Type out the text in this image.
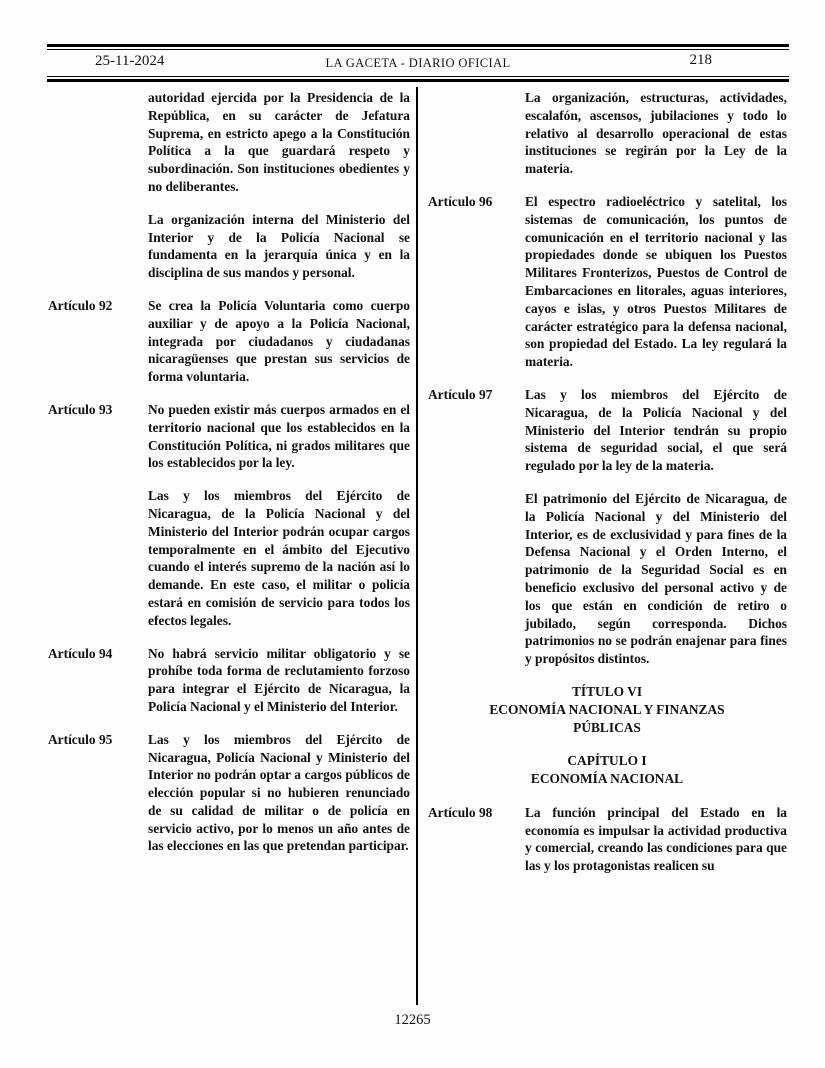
25-11-2024	LA GACETA - DIARIO OFICIAL	218
autoridad ejercida por la Presidencia de la República, en su carácter de Jefatura Suprema, en estricto apego a la Constitución Política a la que guardará respeto y subordinación. Son instituciones obedientes y no deliberantes.
La organización interna del Ministerio del Interior y de la Policía Nacional se fundamenta en la jerarquía única y en la disciplina de sus mandos y personal.
Artículo 92	Se crea la Policía Voluntaria como cuerpo auxiliar y de apoyo a la Policía Nacional, integrada por ciudadanos y ciudadanas nicaragüenses que prestan sus servicios de forma voluntaria.
Artículo 93	No pueden existir más cuerpos armados en el territorio nacional que los establecidos en la Constitución Política, ni grados militares que los establecidos por la ley.
Las y los miembros del Ejército de Nicaragua, de la Policía Nacional y del Ministerio del Interior podrán ocupar cargos temporalmente en el ámbito del Ejecutivo cuando el interés supremo de la nación así lo demande. En este caso, el militar o policía estará en comisión de servicio para todos los efectos legales.
Artículo 94	No habrá servicio militar obligatorio y se prohíbe toda forma de reclutamiento forzoso para integrar el Ejército de Nicaragua, la Policía Nacional y el Ministerio del Interior.
Artículo 95	Las y los miembros del Ejército de Nicaragua, Policía Nacional y Ministerio del Interior no podrán optar a cargos públicos de elección popular si no hubieren renunciado de su calidad de militar o de policía en servicio activo, por lo menos un año antes de las elecciones en las que pretendan participar.
La organización, estructuras, actividades, escalafón, ascensos, jubilaciones y todo lo relativo al desarrollo operacional de estas instituciones se regirán por la Ley de la materia.
Artículo 96	El espectro radioeléctrico y satelital, los sistemas de comunicación, los puntos de comunicación en el territorio nacional y las propiedades donde se ubiquen los Puestos Militares Fronterizos, Puestos de Control de Embarcaciones en litorales, aguas interiores, cayos e islas, y otros Puestos Militares de carácter estratégico para la defensa nacional, son propiedad del Estado. La ley regulará la materia.
Artículo 97	Las y los miembros del Ejército de Nicaragua, de la Policía Nacional y del Ministerio del Interior tendrán su propio sistema de seguridad social, el que será regulado por la ley de la materia.
El patrimonio del Ejército de Nicaragua, de la Policía Nacional y del Ministerio del Interior, es de exclusividad y para fines de la Defensa Nacional y el Orden Interno, el patrimonio de la Seguridad Social es en beneficio exclusivo del personal activo y de los que están en condición de retiro o jubilado, según corresponda. Dichos patrimonios no se podrán enajenar para fines y propósitos distintos.
TÍTULO VI
ECONOMÍA NACIONAL Y FINANZAS
PÚBLICAS
CAPÍTULO I
ECONOMÍA NACIONAL
Artículo 98	La función principal del Estado en la economía es impulsar la actividad productiva y comercial, creando las condiciones para que las y los protagonistas realicen su
12265
